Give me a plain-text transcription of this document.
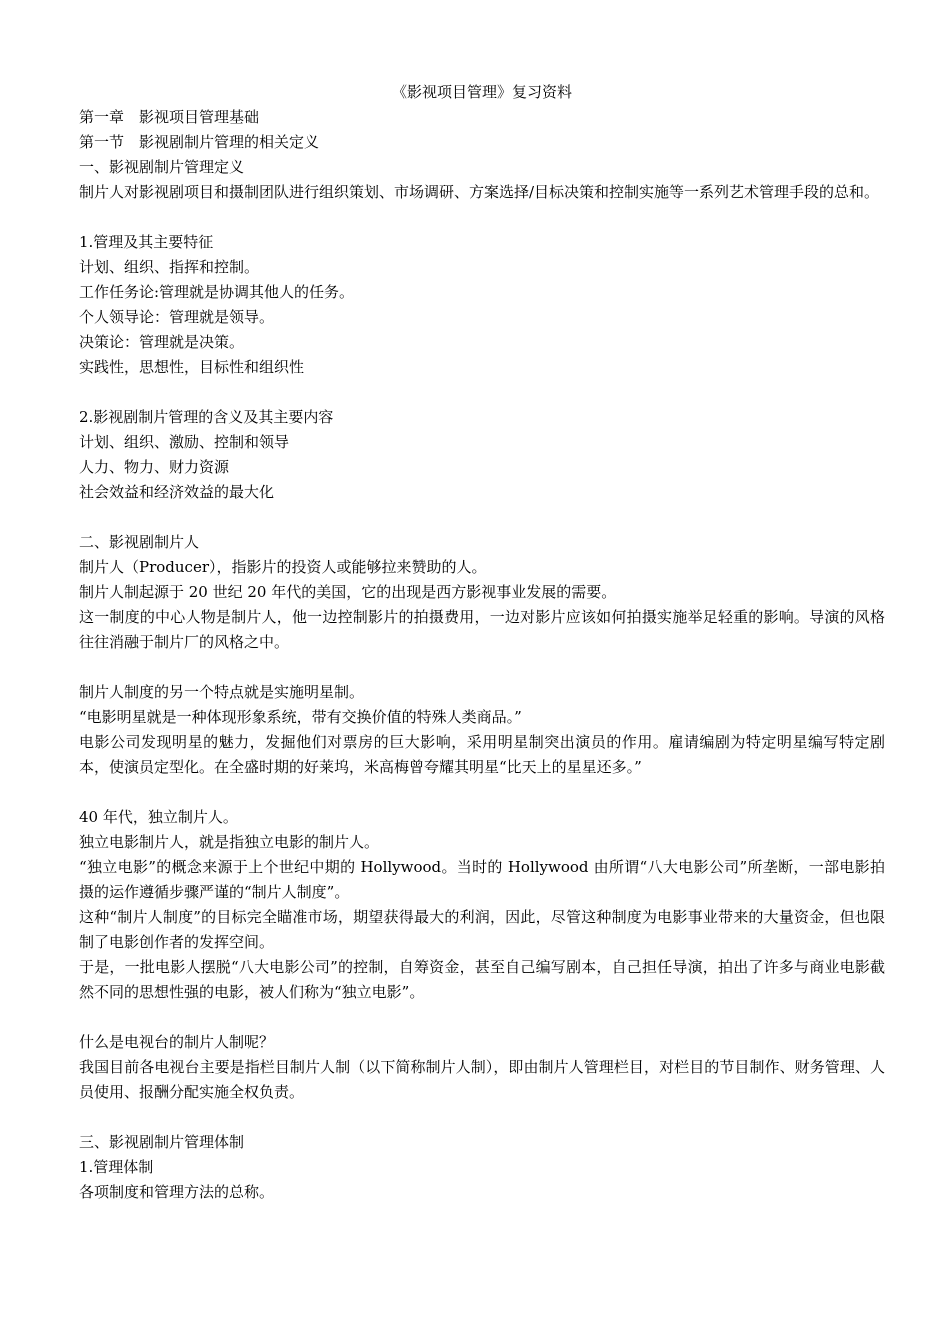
《影视项目管理》复习资料

第一章　影视项目管理基础

第一节　影视剧制片管理的相关定义

一、影视剧制片管理定义

制片人对影视剧项目和摄制团队进行组织策划、市场调研、方案选择/目标决策和控制实施等一系列艺术管理手段的总和。

1.管理及其主要特征

计划、组织、指挥和控制。

工作任务论:管理就是协调其他人的任务。

个人领导论：管理就是领导。

决策论：管理就是决策。

实践性，思想性，目标性和组织性

2.影视剧制片管理的含义及其主要内容

计划、组织、激励、控制和领导

人力、物力、财力资源

社会效益和经济效益的最大化

二、影视剧制片人

制片人（Producer），指影片的投资人或能够拉来赞助的人。

制片人制起源于 20 世纪 20 年代的美国，它的出现是西方影视事业发展的需要。

这一制度的中心人物是制片人，他一边控制影片的拍摄费用，一边对影片应该如何拍摄实施举足轻重的影响。导演的风格往往消融于制片厂的风格之中。

制片人制度的另一个特点就是实施明星制。

“电影明星就是一种体现形象系统，带有交换价值的特殊人类商品。”

电影公司发现明星的魅力，发掘他们对票房的巨大影响，采用明星制突出演员的作用。雇请编剧为特定明星编写特定剧本，使演员定型化。在全盛时期的好莱坞，米高梅曾夸耀其明星“比天上的星星还多。”

40 年代，独立制片人。

独立电影制片人，就是指独立电影的制片人。

“独立电影”的概念来源于上个世纪中期的 Hollywood。当时的 Hollywood 由所谓“八大电影公司”所垄断，一部电影拍摄的运作遵循步骤严谨的“制片人制度”。

这种“制片人制度”的目标完全瞄准市场，期望获得最大的利润，因此，尽管这种制度为电影事业带来的大量资金，但也限制了电影创作者的发挥空间。

于是，一批电影人摆脱“八大电影公司”的控制，自筹资金，甚至自己编写剧本，自己担任导演，拍出了许多与商业电影截然不同的思想性强的电影，被人们称为“独立电影”。

什么是电视台的制片人制呢？

我国目前各电视台主要是指栏目制片人制（以下简称制片人制），即由制片人管理栏目，对栏目的节目制作、财务管理、人员使用、报酬分配实施全权负责。

三、影视剧制片管理体制

1.管理体制

各项制度和管理方法的总称。
